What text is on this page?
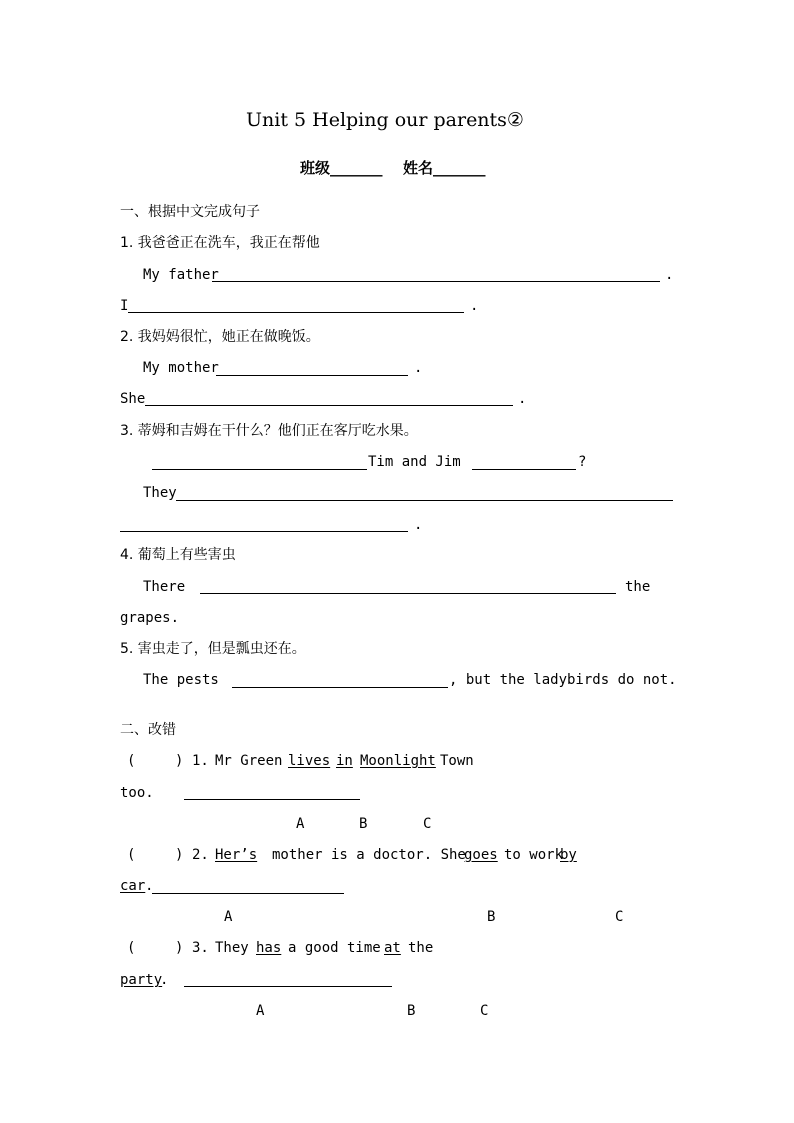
Unit 5 Helping our parents②
班级_______ 姓名_______
一、根据中文完成句子
1. 我爸爸正在洗车，我正在帮他
My father	.
I	.
2. 我妈妈很忙，她正在做晚饭。
My mother	.
She	.
3. 蒂姆和吉姆在干什么？他们正在客厅吃水果。
Tim and Jim	?
They
.
4. 葡萄上有些害虫
There	the
grapes.
5. 害虫走了，但是瓢虫还在。
The pests	, but the ladybirds do not.
二、改错
(	) 1. Mr Green lives in Moonlight Town
too.
A	B	C
(	) 2. Her’s mother is a doctor. She
goes to work
by
car .
A	B	C
(	) 3. They has a good time at the
party
.
A	B	C
